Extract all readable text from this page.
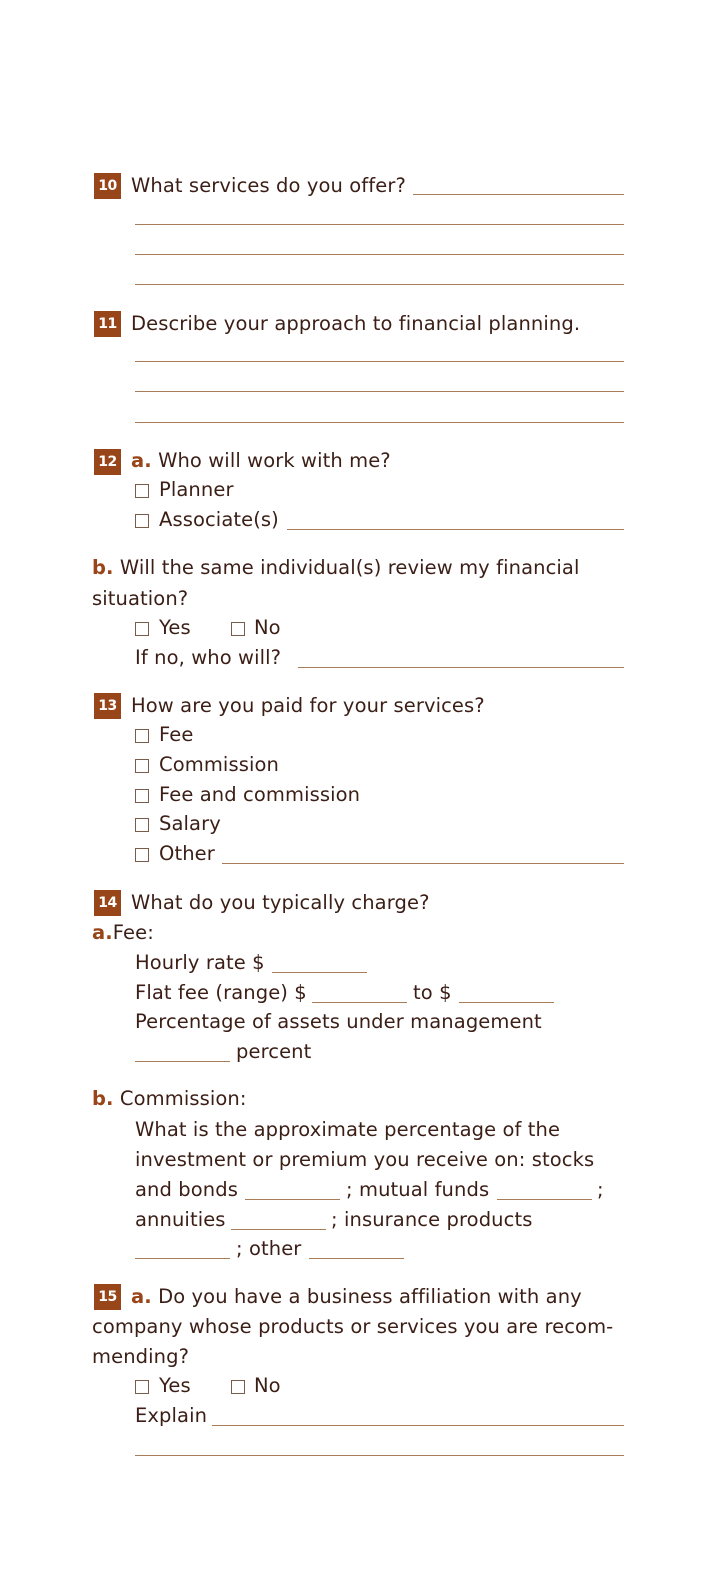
10 What services do you offer?
11 Describe your approach to financial planning.
12 a. Who will work with me?
Planner
Associate(s)
b. Will the same individual(s) review my financial
situation?
Yes	No
If no, who will?
13 How are you paid for your services?
Fee
Commission
Fee and commission
Salary
Other
14 What do you typically charge?
a.Fee:
Hourly rate $
Flat fee (range) $	to $
Percentage of assets under management
percent
b. Commission:
What is the approximate percentage of the
investment or premium you receive on: stocks
and bonds	; mutual funds	;
annuities	; insurance products
; other
15 a. Do you have a business affiliation with any
company whose products or services you are recom-
mending?
Yes	No
Explain
